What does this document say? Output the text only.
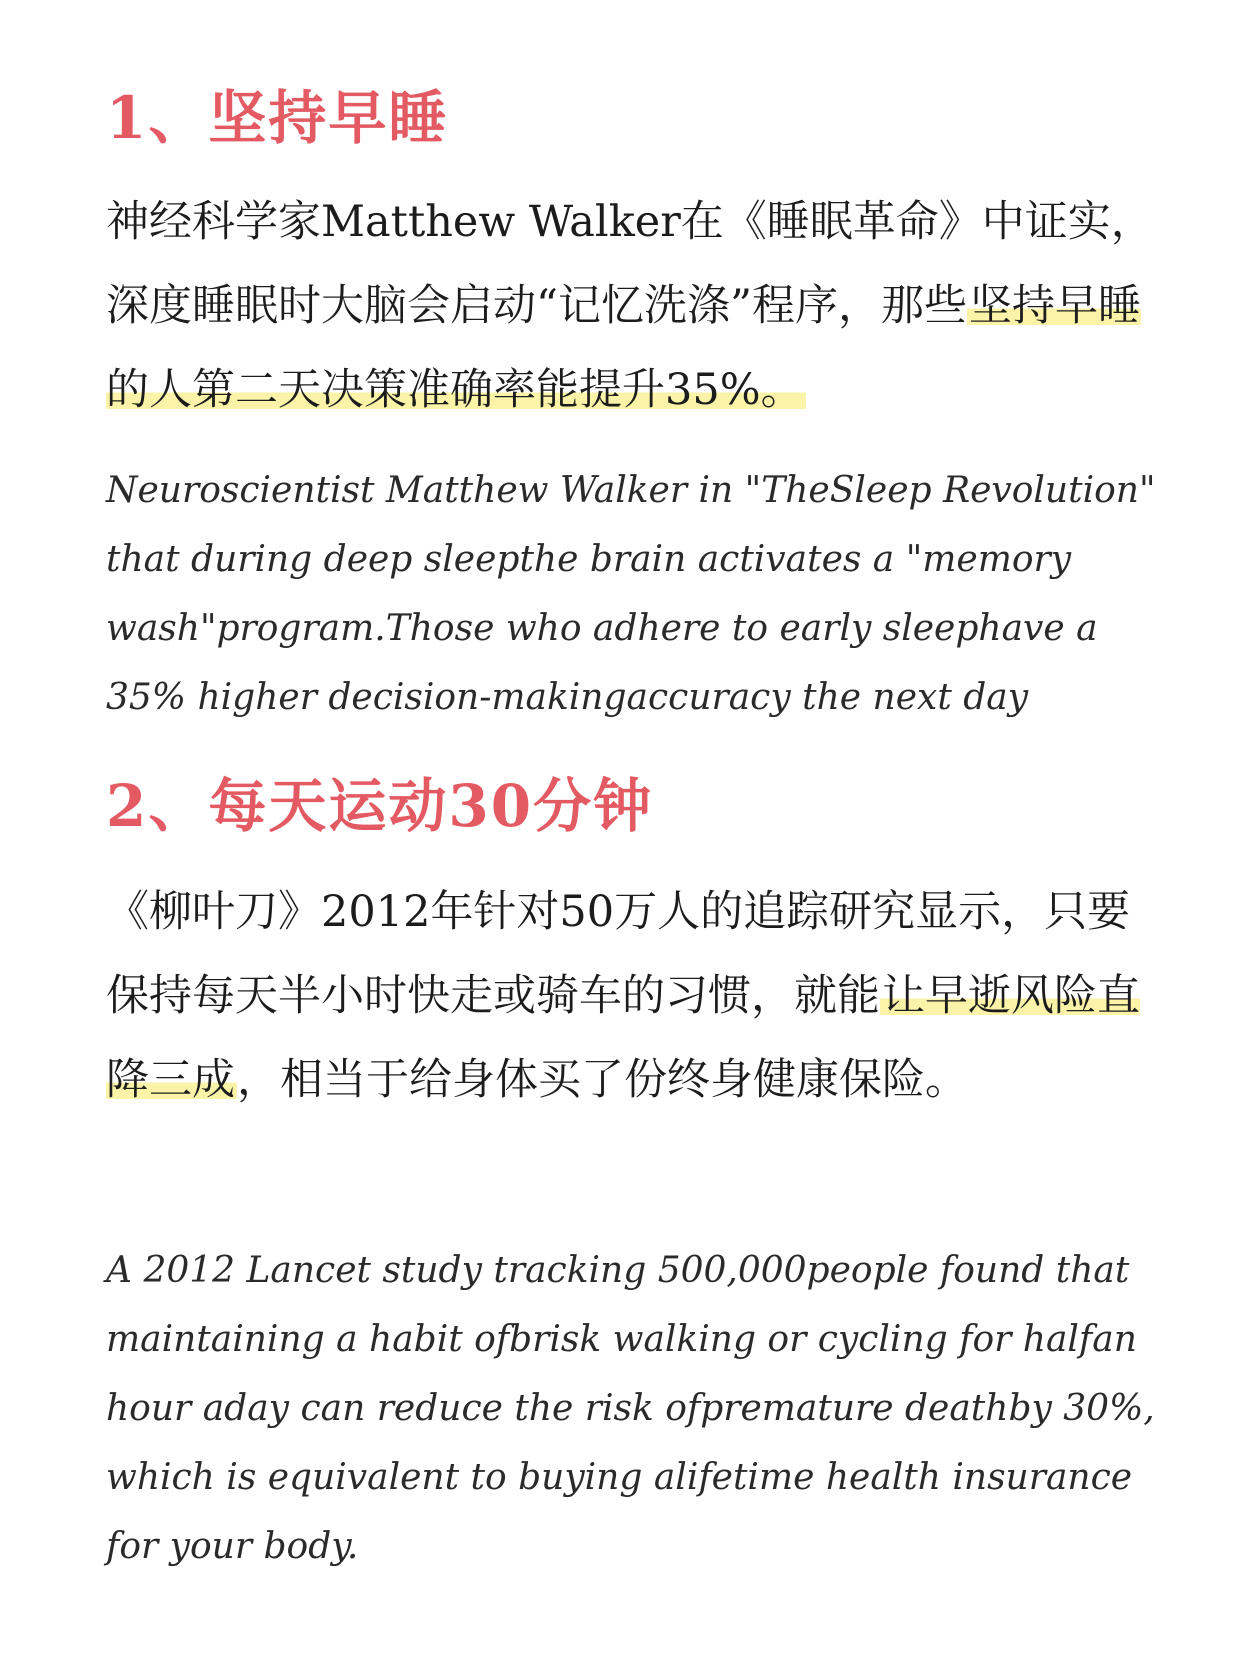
1、坚持早睡

神经科学家Matthew Walker在《睡眠革命》中证实，深度睡眠时大脑会启动“记忆洗涤”程序，那些坚持早睡的人第二天决策准确率能提升35%。

Neuroscientist Matthew Walker in "TheSleep Revolution" that during deep sleepthe brain activates a "memory wash"program.Those who adhere to early sleephave a 35% higher decision-makingaccuracy the next day

2、每天运动30分钟

《柳叶刀》2012年针对50万人的追踪研究显示，只要保持每天半小时快走或骑车的习惯，就能让早逝风险直降三成，相当于给身体买了份终身健康保险。

A 2012 Lancet study tracking 500,000people found that maintaining a habit ofbrisk walking or cycling for halfan hour aday can reduce the risk ofpremature deathby 30%, which is equivalent to buying alifetime health insurance for your body.
